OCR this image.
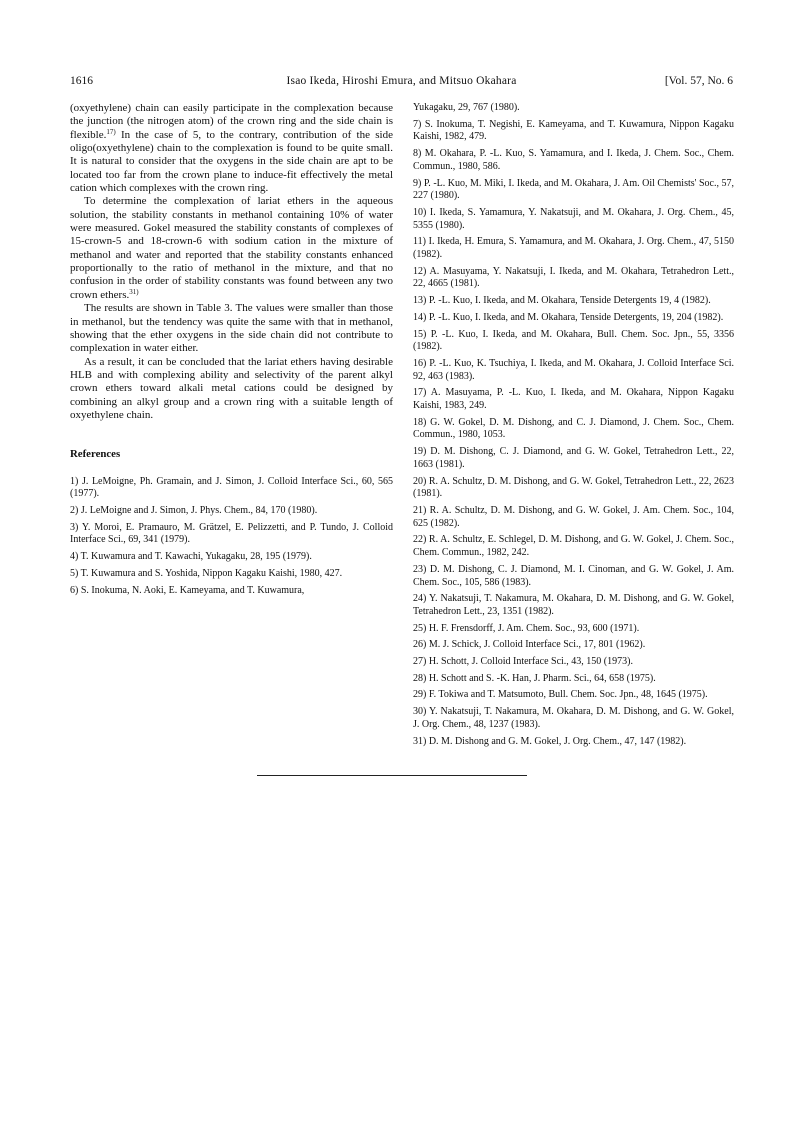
1616	Isao Ikeda, Hiroshi Emura, and Mitsuo Okahara	[Vol. 57, No. 6

(oxyethylene) chain can easily participate in the complexation because the junction (the nitrogen atom) of the crown ring and the side chain is flexible.$^{17)}$ In the case of 5, to the contrary, contribution of the side oligo(oxyethylene) chain to the complexation is found to be quite small. It is natural to consider that the oxygens in the side chain are apt to be located too far from the crown plane to induce-fit effectively the metal cation which complexes with the crown ring.

To determine the complexation of lariat ethers in the aqueous solution, the stability constants in methanol containing 10% of water were measured. Gokel measured the stability constants of complexes of 15-crown-5 and 18-crown-6 with sodium cation in the mixture of methanol and water and reported that the stability constants enhanced proportionally to the ratio of methanol in the mixture, and that no confusion in the order of stability constants was found between any two crown ethers.$^{31)}$

The results are shown in Table 3. The values were smaller than those in methanol, but the tendency was quite the same with that in methanol, showing that the ether oxygens in the side chain did not contribute to complexation in water either.

As a result, it can be concluded that the lariat ethers having desirable HLB and with complexing ability and selectivity of the parent alkyl crown ethers toward alkali metal cations could be designed by combining an alkyl group and a crown ring with a suitable length of oxyethylene chain.

References
1) J. LeMoigne, Ph. Gramain, and J. Simon, J. Colloid Interface Sci., 60, 565 (1977).
2) J. LeMoigne and J. Simon, J. Phys. Chem., 84, 170 (1980).
3) Y. Moroi, E. Pramauro, M. Grätzel, E. Pelizzetti, and P. Tundo, J. Colloid Interface Sci., 69, 341 (1979).
4) T. Kuwamura and T. Kawachi, Yukagaku, 28, 195 (1979).
5) T. Kuwamura and S. Yoshida, Nippon Kagaku Kaishi, 1980, 427.
6) S. Inokuma, N. Aoki, E. Kameyama, and T. Kuwamura,
Yukagaku, 29, 767 (1980).
7) S. Inokuma, T. Negishi, E. Kameyama, and T. Kuwamura, Nippon Kagaku Kaishi, 1982, 479.
8) M. Okahara, P. -L. Kuo, S. Yamamura, and I. Ikeda, J. Chem. Soc., Chem. Commun., 1980, 586.
9) P. -L. Kuo, M. Miki, I. Ikeda, and M. Okahara, J. Am. Oil Chemists' Soc., 57, 227 (1980).
10) I. Ikeda, S. Yamamura, Y. Nakatsuji, and M. Okahara, J. Org. Chem., 45, 5355 (1980).
11) I. Ikeda, H. Emura, S. Yamamura, and M. Okahara, J. Org. Chem., 47, 5150 (1982).
12) A. Masuyama, Y. Nakatsuji, I. Ikeda, and M. Okahara, Tetrahedron Lett., 22, 4665 (1981).
13) P. -L. Kuo, I. Ikeda, and M. Okahara, Tenside Detergents 19, 4 (1982).
14) P. -L. Kuo, I. Ikeda, and M. Okahara, Tenside Detergents, 19, 204 (1982).
15) P. -L. Kuo, I. Ikeda, and M. Okahara, Bull. Chem. Soc. Jpn., 55, 3356 (1982).
16) P. -L. Kuo, K. Tsuchiya, I. Ikeda, and M. Okahara, J. Colloid Interface Sci. 92, 463 (1983).
17) A. Masuyama, P. -L. Kuo, I. Ikeda, and M. Okahara, Nippon Kagaku Kaishi, 1983, 249.
18) G. W. Gokel, D. M. Dishong, and C. J. Diamond, J. Chem. Soc., Chem. Commun., 1980, 1053.
19) D. M. Dishong, C. J. Diamond, and G. W. Gokel, Tetrahedron Lett., 22, 1663 (1981).
20) R. A. Schultz, D. M. Dishong, and G. W. Gokel, Tetrahedron Lett., 22, 2623 (1981).
21) R. A. Schultz, D. M. Dishong, and G. W. Gokel, J. Am. Chem. Soc., 104, 625 (1982).
22) R. A. Schultz, E. Schlegel, D. M. Dishong, and G. W. Gokel, J. Chem. Soc., Chem. Commun., 1982, 242.
23) D. M. Dishong, C. J. Diamond, M. I. Cinoman, and G. W. Gokel, J. Am. Chem. Soc., 105, 586 (1983).
24) Y. Nakatsuji, T. Nakamura, M. Okahara, D. M. Dishong, and G. W. Gokel, Tetrahedron Lett., 23, 1351 (1982).
25) H. F. Frensdorff, J. Am. Chem. Soc., 93, 600 (1971).
26) M. J. Schick, J. Colloid Interface Sci., 17, 801 (1962).
27) H. Schott, J. Colloid Interface Sci., 43, 150 (1973).
28) H. Schott and S. -K. Han, J. Pharm. Sci., 64, 658 (1975).
29) F. Tokiwa and T. Matsumoto, Bull. Chem. Soc. Jpn., 48, 1645 (1975).
30) Y. Nakatsuji, T. Nakamura, M. Okahara, D. M. Dishong, and G. W. Gokel, J. Org. Chem., 48, 1237 (1983).
31) D. M. Dishong and G. M. Gokel, J. Org. Chem., 47, 147 (1982).
